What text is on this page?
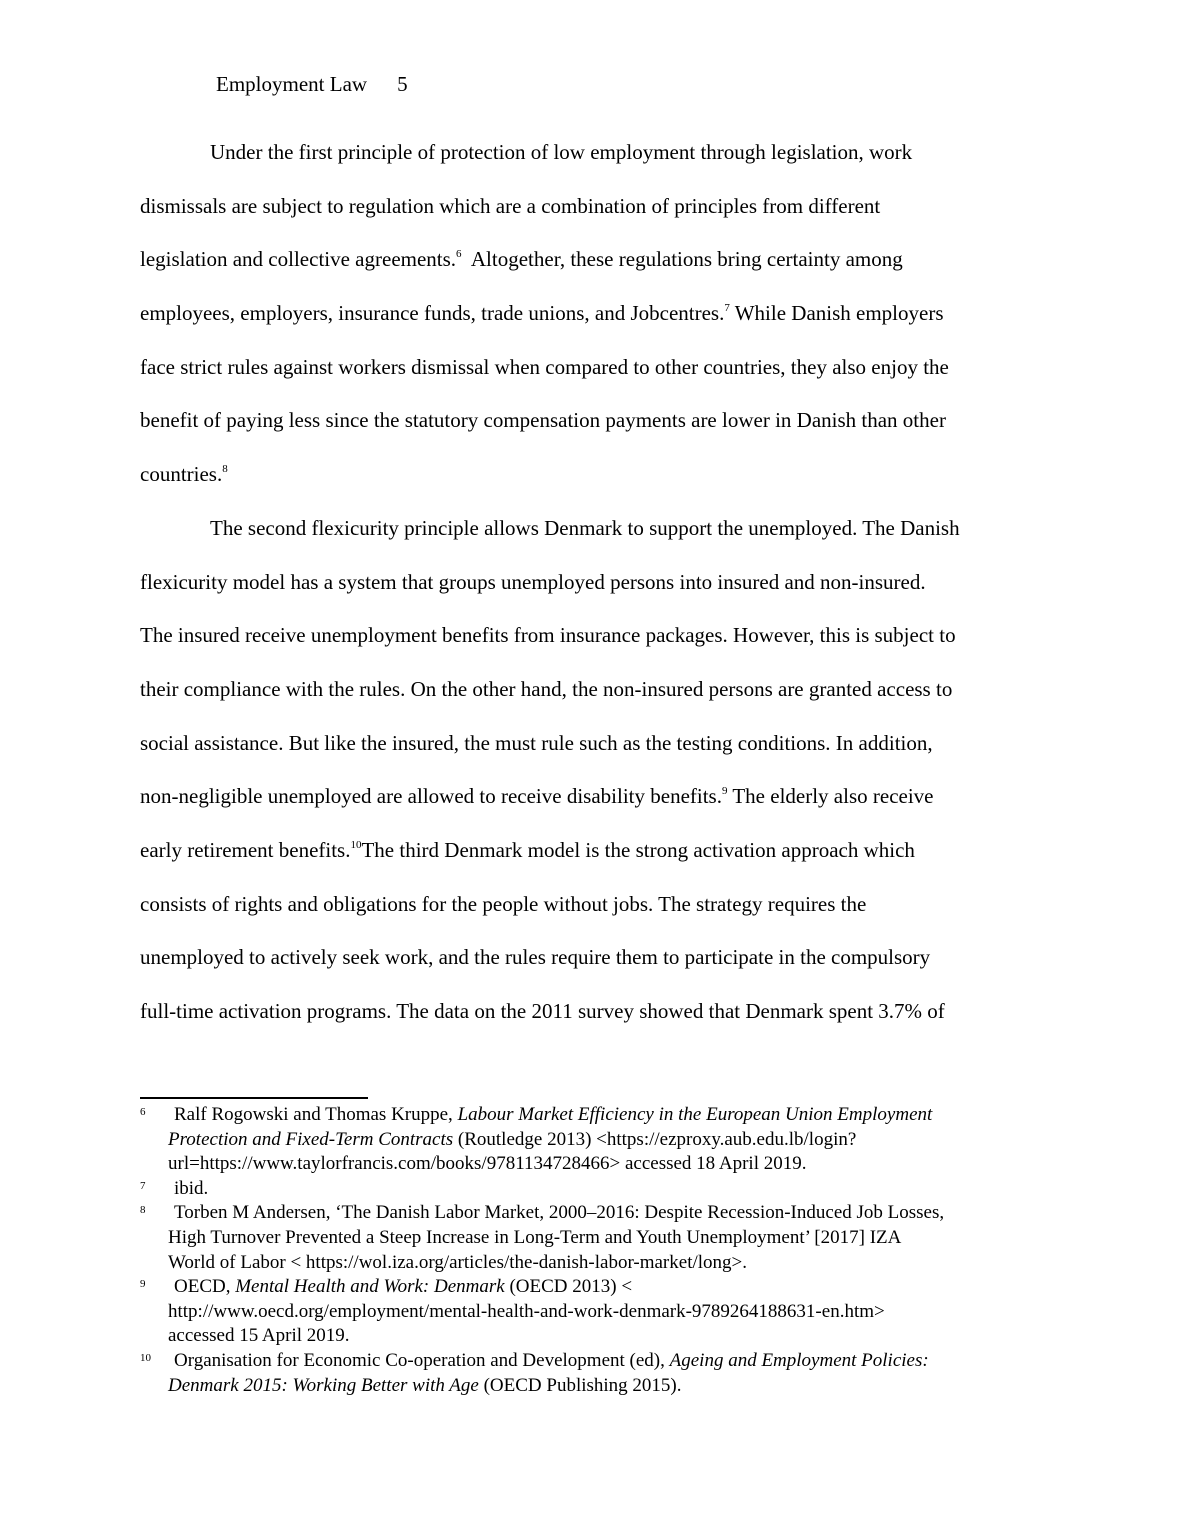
Employment Law 5
Under the first principle of protection of low employment through legislation, work
dismissals are subject to regulation which are a combination of principles from different
legislation and collective agreements.$^6$  Altogether, these regulations bring certainty among
employees, employers, insurance funds, trade unions, and Jobcentres.$^7$ While Danish employers
face strict rules against workers dismissal when compared to other countries, they also enjoy the
benefit of paying less since the statutory compensation payments are lower in Danish than other
countries.$^8$
The second flexicurity principle allows Denmark to support the unemployed. The Danish
flexicurity model has a system that groups unemployed persons into insured and non-insured.
The insured receive unemployment benefits from insurance packages. However, this is subject to
their compliance with the rules. On the other hand, the non-insured persons are granted access to
social assistance. But like the insured, the must rule such as the testing conditions. In addition,
non-negligible unemployed are allowed to receive disability benefits.$^9$ The elderly also receive
early retirement benefits.$^{10}$The third Denmark model is the strong activation approach which
consists of rights and obligations for the people without jobs. The strategy requires the
unemployed to actively seek work, and the rules require them to participate in the compulsory
full-time activation programs. The data on the 2011 survey showed that Denmark spent 3.7% of
6 Ralf Rogowski and Thomas Kruppe, Labour Market Efficiency in the European Union Employment
Protection and Fixed-Term Contracts (Routledge 2013) <https://ezproxy.aub.edu.lb/login?
url=https://www.taylorfrancis.com/books/9781134728466> accessed 18 April 2019.
7 ibid.
8 Torben M Andersen, ‘The Danish Labor Market, 2000–2016: Despite Recession-Induced Job Losses,
High Turnover Prevented a Steep Increase in Long-Term and Youth Unemployment’ [2017] IZA
World of Labor < https://wol.iza.org/articles/the-danish-labor-market/long>.
9 OECD, Mental Health and Work: Denmark (OECD 2013) <
http://www.oecd.org/employment/mental-health-and-work-denmark-9789264188631-en.htm>
accessed 15 April 2019.
10 Organisation for Economic Co-operation and Development (ed), Ageing and Employment Policies:
Denmark 2015: Working Better with Age (OECD Publishing 2015).
